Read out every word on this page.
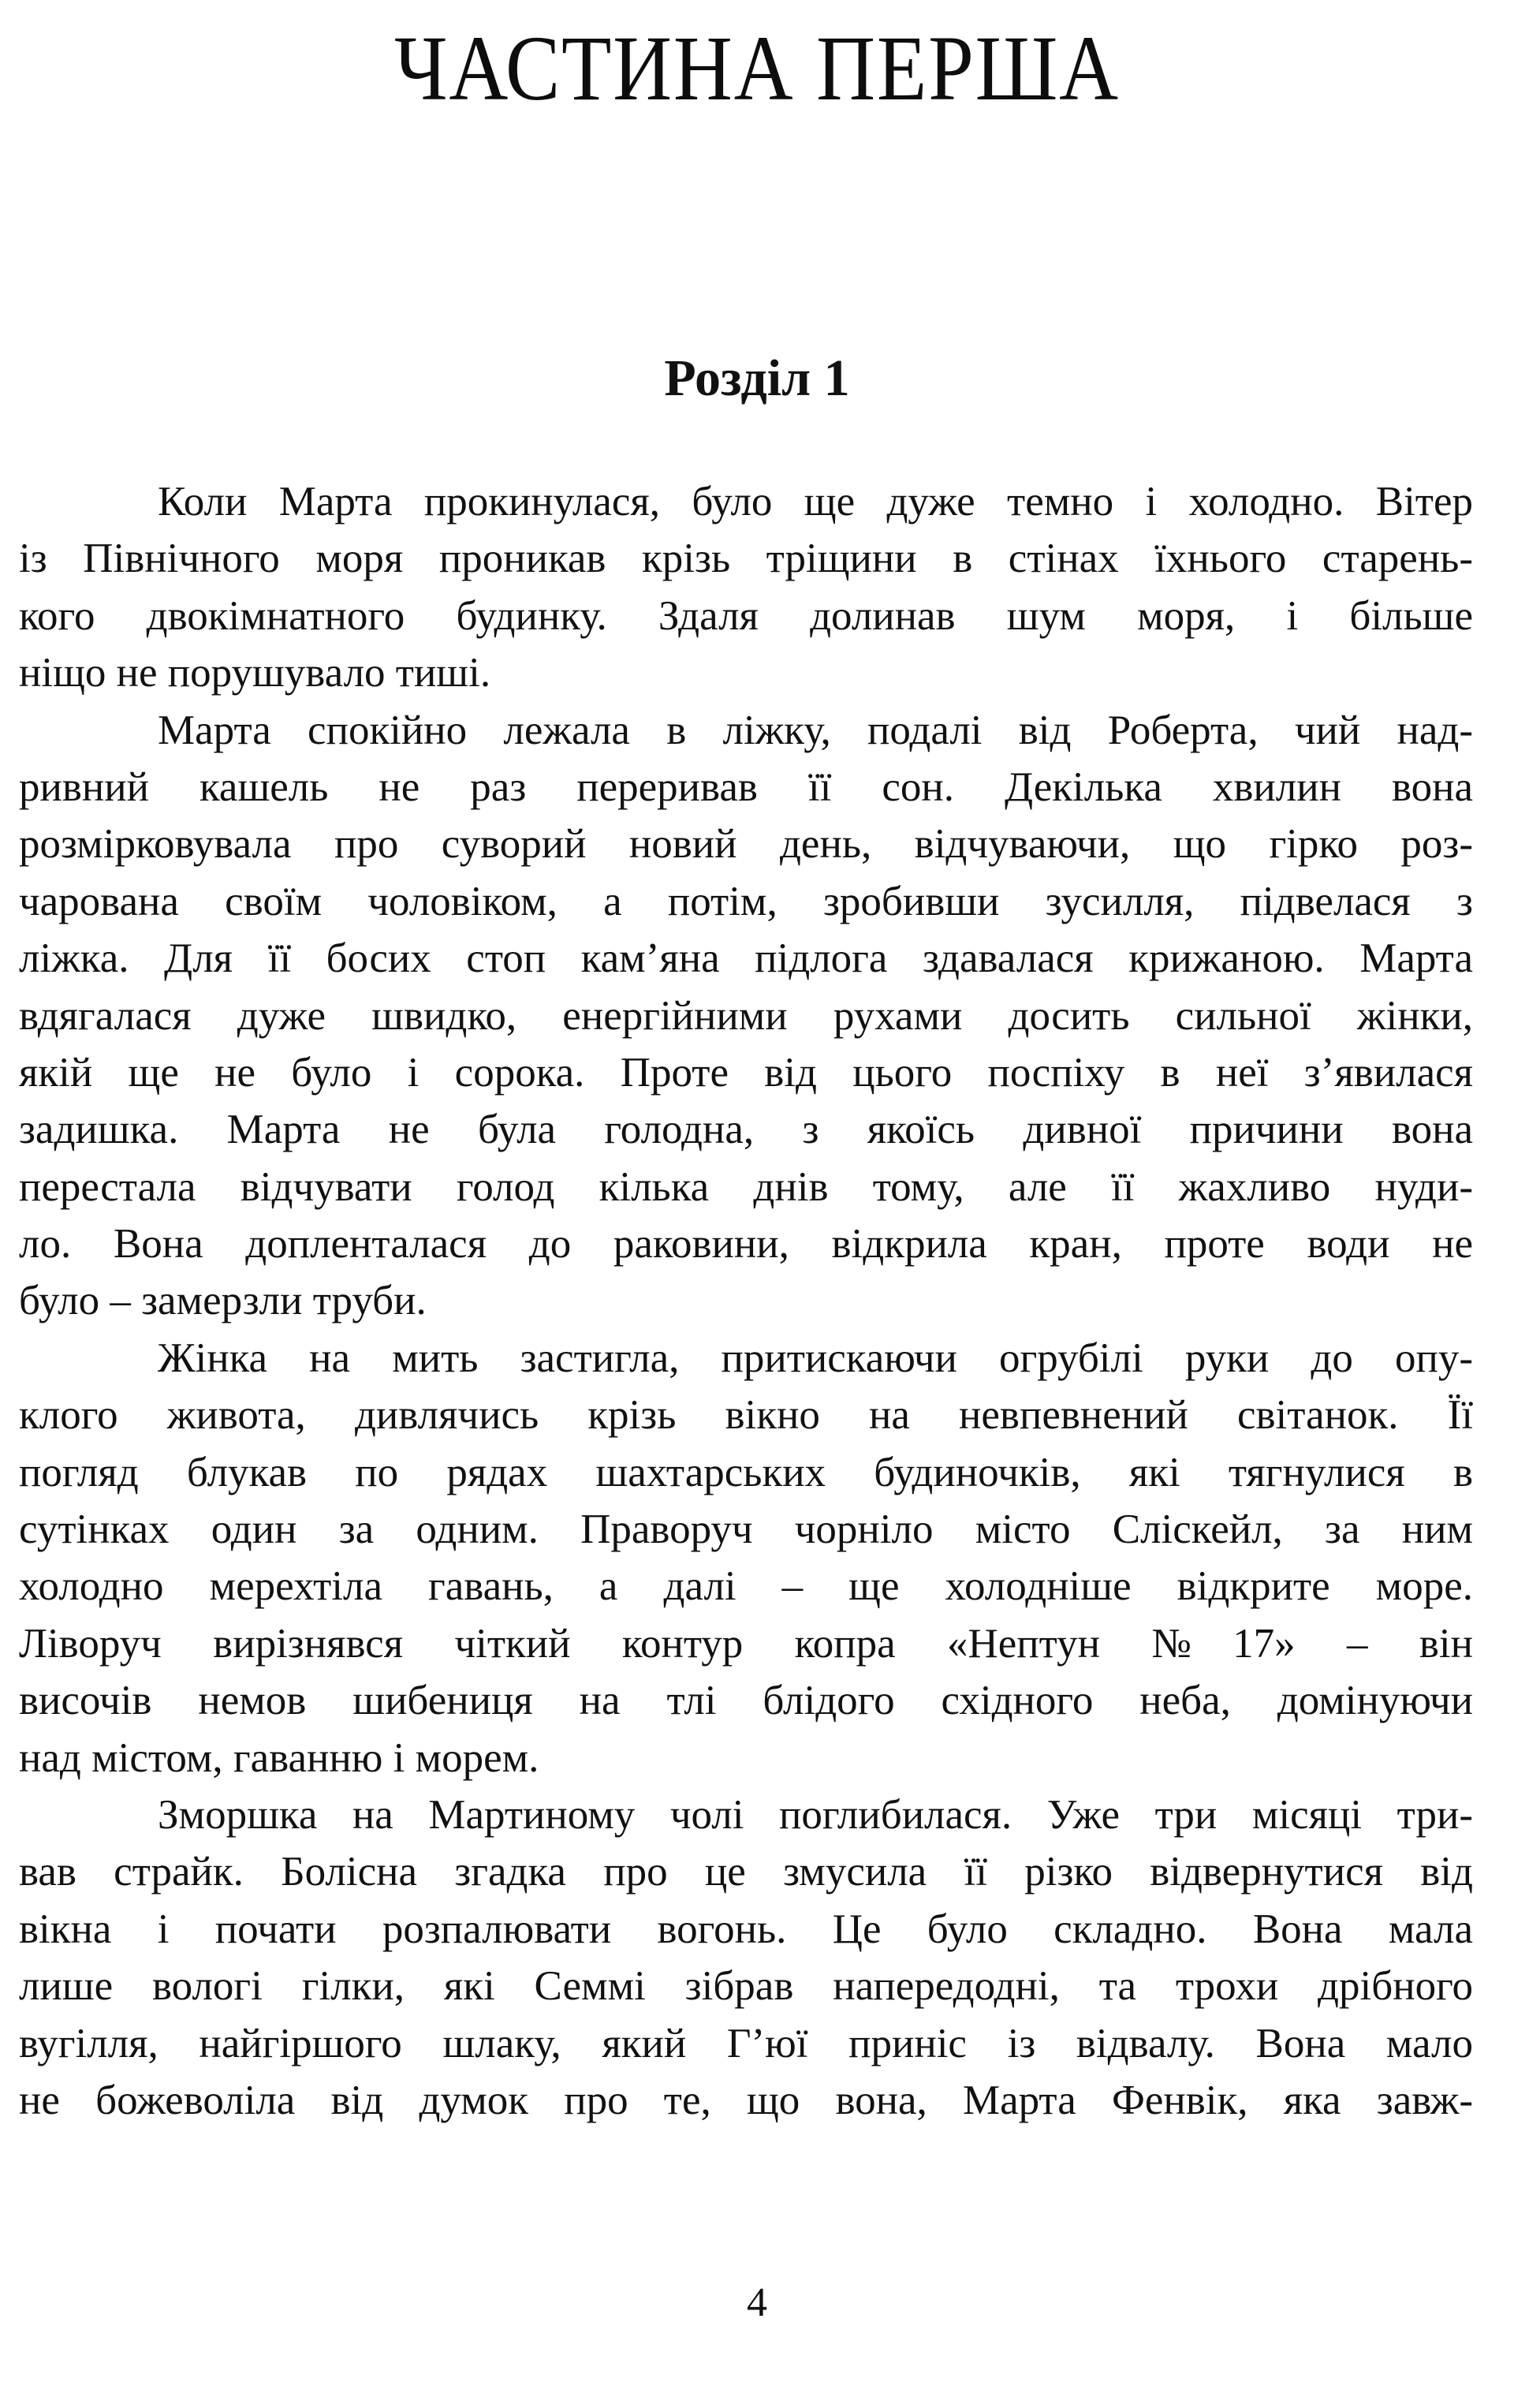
ЧАСТИНА ПЕРША
Розділ 1
Коли Марта прокинулася, було ще дуже темно і холодно. Вітер
із Північного моря проникав крізь тріщини в стінах їхнього старень-
кого двокімнатного будинку. Здаля долинав шум моря, і більше
ніщо не порушувало тиші.
Марта спокійно лежала в ліжку, подалі від Роберта, чий над-
ривний кашель не раз переривав її сон. Декілька хвилин вона
розмірковувала про суворий новий день, відчуваючи, що гірко роз-
чарована своїм чоловіком, а потім, зробивши зусилля, підвелася з
ліжка. Для її босих стоп кам’яна підлога здавалася крижаною. Марта
вдягалася дуже швидко, енергійними рухами досить сильної жінки,
якій ще не було і сорока. Проте від цього поспіху в неї з’явилася
задишка. Марта не була голодна, з якоїсь дивної причини вона
перестала відчувати голод кілька днів тому, але її жахливо нуди-
ло. Вона допленталася до раковини, відкрила кран, проте води не
було – замерзли труби.
Жінка на мить застигла, притискаючи огрубілі руки до опу-
клого живота, дивлячись крізь вікно на невпевнений світанок. Її
погляд блукав по рядах шахтарських будиночків, які тягнулися в
сутінках один за одним. Праворуч чорніло місто Сліскейл, за ним
холодно мерехтіла гавань, а далі – ще холодніше відкрите море.
Ліворуч вирізнявся чіткий контур копра «Нептун №17» – він
височів немов шибениця на тлі блідого східного неба, домінуючи
над містом, гаванню і морем.
Зморшка на Мартиному чолі поглибилася. Уже три місяці три-
вав страйк. Болісна згадка про це змусила її різко відвернутися від
вікна і почати розпалювати вогонь. Це було складно. Вона мала
лише вологі гілки, які Семмі зібрав напередодні, та трохи дрібного
вугілля, найгіршого шлаку, який Г’юї приніс із відвалу. Вона мало
не божеволіла від думок про те, що вона, Марта Фенвік, яка завж-
4
